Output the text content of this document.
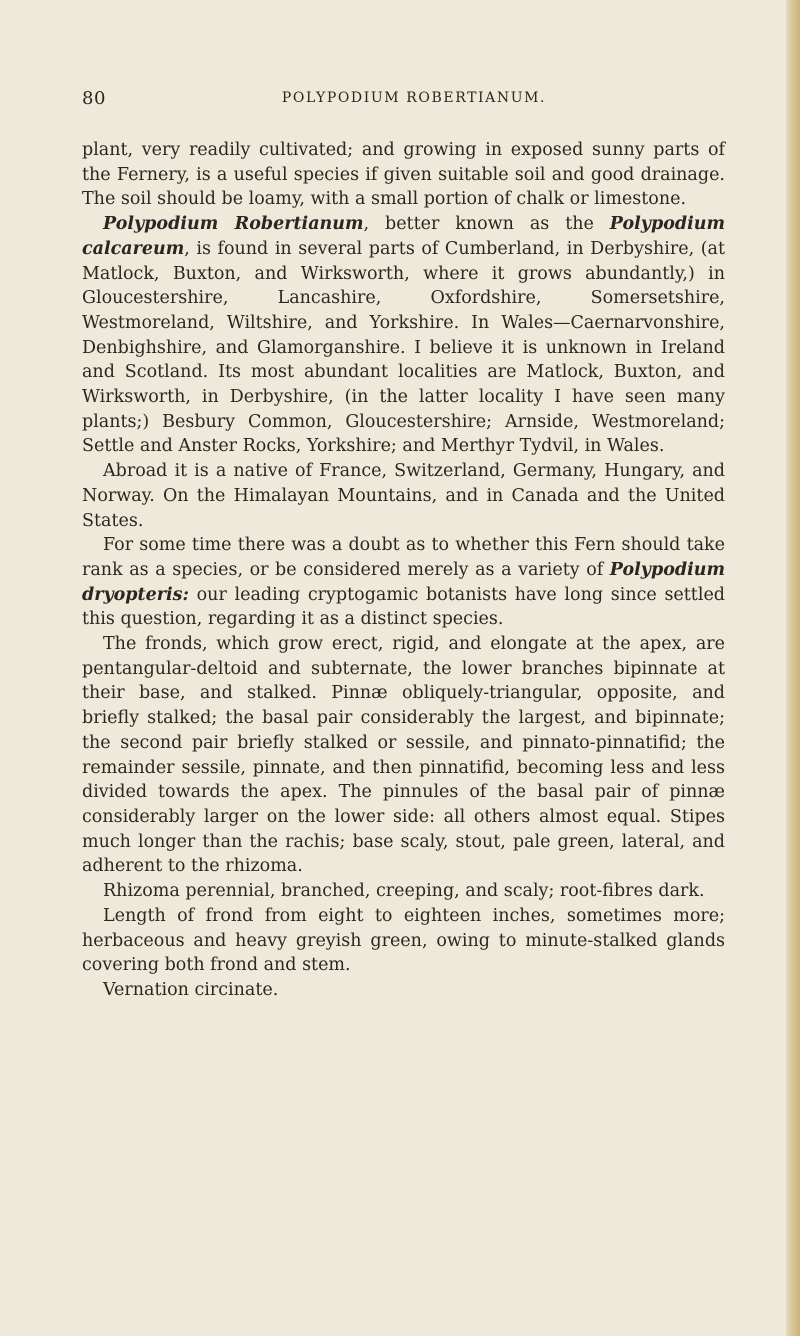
80	POLYPODIUM ROBERTIANUM.

plant, very readily cultivated; and growing in exposed sunny parts of the Fernery, is a useful species if given suitable soil and good drainage. The soil should be loamy, with a small portion of chalk or limestone.

Polypodium Robertianum, better known as the Polypodium calcareum, is found in several parts of Cumberland, in Derbyshire, (at Matlock, Buxton, and Wirksworth, where it grows abundantly,) in Gloucestershire, Lancashire, Oxfordshire, Somersetshire, Westmoreland, Wiltshire, and Yorkshire. In Wales—Caernarvonshire, Denbighshire, and Glamorganshire. I believe it is unknown in Ireland and Scotland. Its most abundant localities are Matlock, Buxton, and Wirksworth, in Derbyshire, (in the latter locality I have seen many plants;) Besbury Common, Gloucestershire; Arnside, Westmoreland; Settle and Anster Rocks, Yorkshire; and Merthyr Tydvil, in Wales.

Abroad it is a native of France, Switzerland, Germany, Hungary, and Norway. On the Himalayan Mountains, and in Canada and the United States.

For some time there was a doubt as to whether this Fern should take rank as a species, or be considered merely as a variety of Polypodium dryopteris: our leading cryptogamic botanists have long since settled this question, regarding it as a distinct species.

The fronds, which grow erect, rigid, and elongate at the apex, are pentangular-deltoid and subternate, the lower branches bipinnate at their base, and stalked. Pinnæ obliquely-triangular, opposite, and briefly stalked; the basal pair considerably the largest, and bipinnate; the second pair briefly stalked or sessile, and pinnato-pinnatifid; the remainder sessile, pinnate, and then pinnatifid, becoming less and less divided towards the apex. The pinnules of the basal pair of pinnæ considerably larger on the lower side: all others almost equal. Stipes much longer than the rachis; base scaly, stout, pale green, lateral, and adherent to the rhizoma.

Rhizoma perennial, branched, creeping, and scaly; root-fibres dark.

Length of frond from eight to eighteen inches, sometimes more; herbaceous and heavy greyish green, owing to minute-stalked glands covering both frond and stem.

Vernation circinate.
